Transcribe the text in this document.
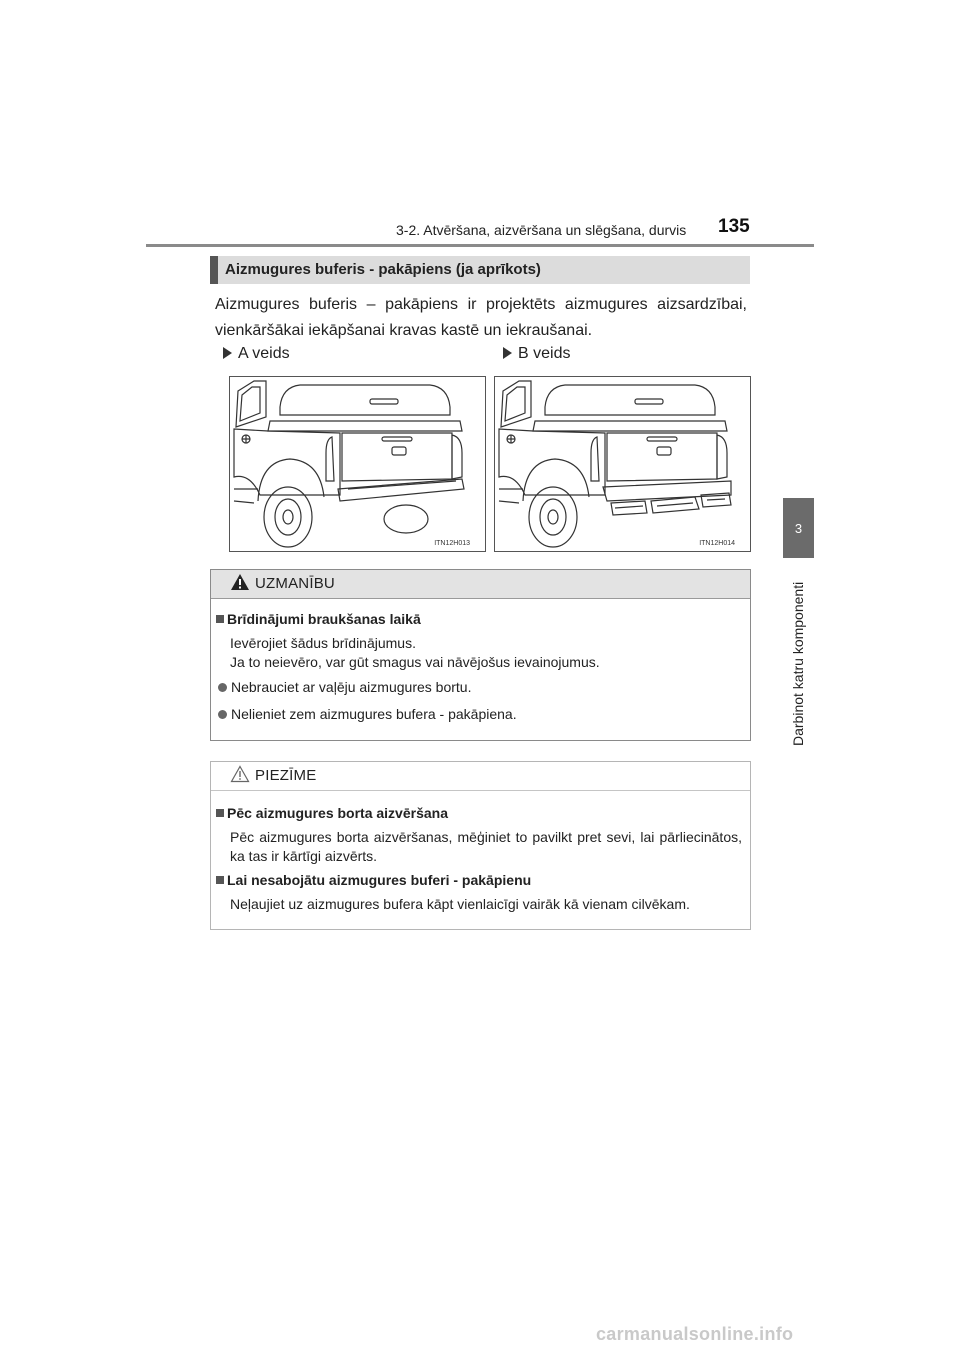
3-2. Atvēršana, aizvēršana un slēgšana, durvis 135
3
Darbinot katru komponenti
Aizmugures buferis - pakāpiens (ja aprīkots)
Aizmugures buferis – pakāpiens ir projektēts aizmugures aizsardzībai, vienkāršākai iekāpšanai kravas kastē un iekraušanai.
A veids	B veids
ITN12H013	ITN12H014
UZMANĪBU
Brīdinājumi braukšanas laikā
Ievērojiet šādus brīdinājumus.
Ja to neievēro, var gūt smagus vai nāvējošus ievainojumus.
Nebrauciet ar vaļēju aizmugures bortu.
Nelieniet zem aizmugures bufera - pakāpiena.
PIEZĪME
Pēc aizmugures borta aizvēršana
Pēc aizmugures borta aizvēršanas, mēģiniet to pavilkt pret sevi, lai pārliecinātos, ka tas ir kārtīgi aizvērts.
Lai nesabojātu aizmugures buferi - pakāpienu
Neļaujiet uz aizmugures bufera kāpt vienlaicīgi vairāk kā vienam cilvēkam.
carmanualsonline.info
